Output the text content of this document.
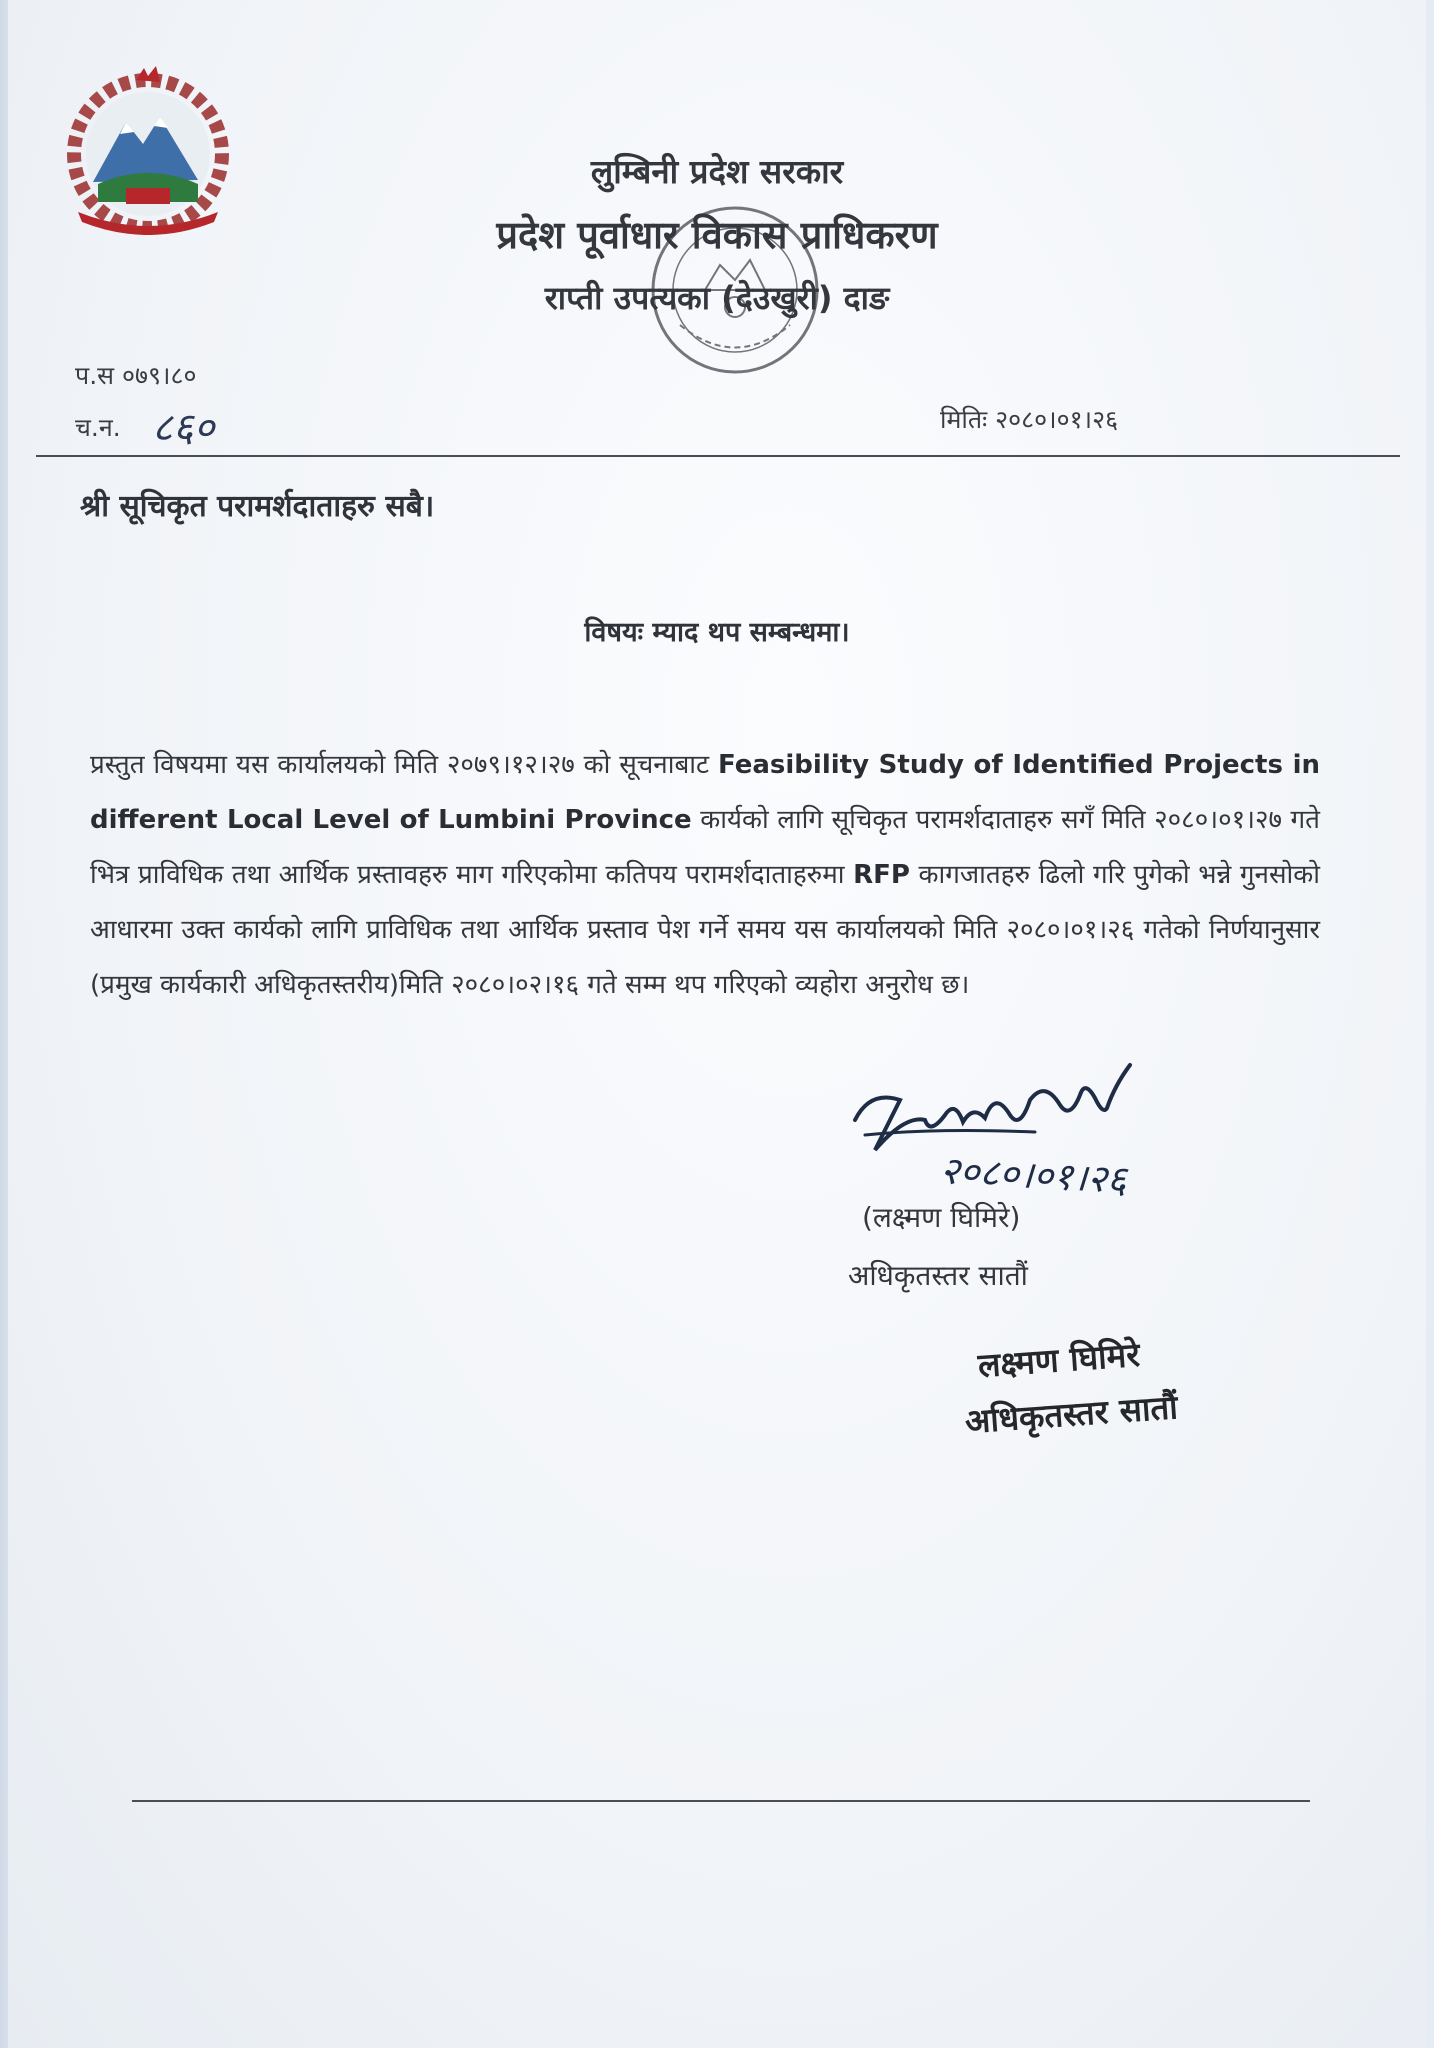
लुम्बिनी प्रदेश सरकार
प्रदेश पूर्वाधार विकास प्राधिकरण
राप्ती उपत्यका (देउखुरी) दाङ
प.स ०७९।८०
च.न. ८६०	मितिः २०८०।०१।२६
श्री सूचिकृत परामर्शदाताहरु सबै।
विषयः म्याद थप सम्बन्धमा।
प्रस्तुत विषयमा यस कार्यालयको मिति २०७९।१२।२७ को सूचनाबाट Feasibility Study of Identified Projects in different Local Level of Lumbini Province कार्यको लागि सूचिकृत परामर्शदाताहरु सगँ मिति २०८०।०१।२७ गते भित्र प्राविधिक तथा आर्थिक प्रस्तावहरु माग गरिएकोमा कतिपय परामर्शदाताहरुमा RFP कागजातहरु ढिलो गरि पुगेको भन्ने गुनसोको आधारमा उक्त कार्यको लागि प्राविधिक तथा आर्थिक प्रस्ताव पेश गर्ने समय यस कार्यालयको मिति २०८०।०१।२६ गतेको निर्णयानुसार (प्रमुख कार्यकारी अधिकृतस्तरीय)मिति २०८०।०२।१६ गते सम्म थप गरिएको व्यहोरा अनुरोध छ।
२०८०।०१।२६
(लक्ष्मण घिमिरे)
अधिकृतस्तर सातौं
लक्ष्मण घिमिरे
अधिकृतस्तर सातौं
